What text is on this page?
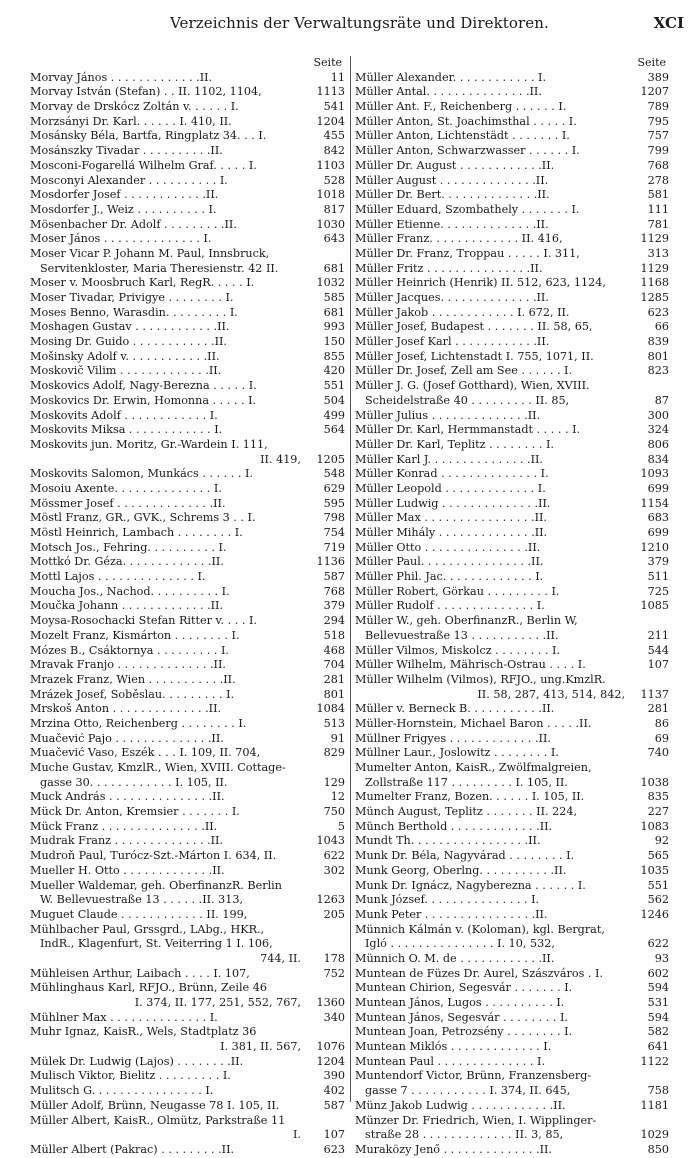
Verzeichnis der Verwaltungsräte und Direktoren.	XCI
Seite
Morvay János . . . . . . . . . . . . .II.	11
Morvay István (Stefan) . . II. 1102, 1104,	1113
Morvay de Drskócz Zoltán v. . . . . . I.	541
Morzsányi Dr. Karl. . . . . . I. 410, II.	1204
Mosánsky Béla, Bartfa, Ringplatz 34. . . I.	455
Mosánszky Tivadar . . . . . . . . . .II.	842
Mosconi-Fogarellá Wilhelm Graf. . . . . I.	1103
Mosconyi Alexander . . . . . . . . . . I.	528
Mosdorfer Josef . . . . . . . . . . . .II.	1018
Mosdorfer J., Weiz . . . . . . . . . . I.	817
Mösenbacher Dr. Adolf . . . . . . . . .II.	1030
Moser János . . . . . . . . . . . . . . I.	643
Moser Vicar P. Johann M. Paul, Innsbruck,
Servitenkloster, Maria Theresienstr. 42 II.	681
Moser v. Moosbruch Karl, RegR. . . . . I.	1032
Moser Tivadar, Privigye . . . . . . . . I.	585
Moses Benno, Warasdin. . . . . . . . . I.	681
Moshagen Gustav . . . . . . . . . . . .II.	993
Mosing Dr. Guido . . . . . . . . . . . .II.	150
Mošinsky Adolf v. . . . . . . . . . . .II.	855
Moskovič Vilim . . . . . . . . . . . . .II.	420
Moskovics Adolf, Nagy-Berezna . . . . . I.	551
Moskovics Dr. Erwin, Homonna . . . . . I.	504
Moskovits Adolf . . . . . . . . . . . . I.	499
Moskovits Miksa . . . . . . . . . . . . I.	564
Moskovits jun. Moritz, Gr.-Wardein I. 111,
II. 419,	1205
Moskovits Salomon, Munkács . . . . . . I.	548
Mosoiu Axente. . . . . . . . . . . . . . I.	629
Mössmer Josef . . . . . . . . . . . . . .II.	595
Möstl Franz, GR., GVK., Schrems 3 . . I.	798
Möstl Heinrich, Lambach . . . . . . . . I.	754
Motsch Jos., Fehring. . . . . . . . . . I.	719
Mottkó Dr. Géza. . . . . . . . . . . . .II.	1136
Mottl Lajos . . . . . . . . . . . . . . I.	587
Moucha Jos., Nachod. . . . . . . . . . I.	768
Moučka Johann . . . . . . . . . . . . .II.	379
Moysa-Rosochacki Stefan Ritter v. . . . I.	294
Mozelt Franz, Kismárton . . . . . . . . I.	518
Mózes B., Csáktornya . . . . . . . . . I.	468
Mravak Franjo . . . . . . . . . . . . . .II.	704
Mrazek Franz, Wien . . . . . . . . . . .II.	281
Mrázek Josef, Soběslau. . . . . . . . . I.	801
Mrskoš Anton . . . . . . . . . . . . . .II.	1084
Mrzina Otto, Reichenberg . . . . . . . . I.	513
Muačević Pajo . . . . . . . . . . . . . .II.	91
Muačević Vaso, Eszék . . . I. 109, II. 704,	829
Muche Gustav, KmzlR., Wien, XVIII. Cottage-
gasse 30. . . . . . . . . . . . I. 105, II.	129
Muck András . . . . . . . . . . . . . . .II.	12
Mück Dr. Anton, Kremsier . . . . . . . I.	750
Mück Franz . . . . . . . . . . . . . . .II.	5
Mudrak Franz . . . . . . . . . . . . . .II.	1043
Mudroň Paul, Turócz-Szt.-Márton I. 634, II.	622
Mueller H. Otto . . . . . . . . . . . . .II.	302
Mueller Waldemar, geh. OberfinanzR. Berlin
W. Bellevuestraße 13 . . . . . .II. 313,	1263
Muguet Claude . . . . . . . . . . . . II. 199,	205
Mühlbacher Paul, Grssgrd., LAbg., HKR.,
IndR., Klagenfurt, St. Veiterring 1 I. 106,
744, II.	178
Mühleisen Arthur, Laibach . . . . I. 107,	752
Mühlinghaus Karl, RFJO., Brünn, Zeile 46
I. 374, II. 177, 251, 552, 767,	1360
Mühlner Max . . . . . . . . . . . . . . I.	340
Muhr Ignaz, KaisR., Wels, Stadtplatz 36
I. 381, II. 567,	1076
Mülek Dr. Ludwig (Lajos) . . . . . . . .II.	1204
Mulisch Viktor, Bielitz . . . . . . . . . I.	390
Mulitsch G. . . . . . . . . . . . . . . . I.	402
Müller Adolf, Brünn, Neugasse 78 I. 105, II.	587
Müller Albert, KaisR., Olmütz, Parkstraße 11
I.	107
Müller Albert (Pakrac) . . . . . . . . .II.	623
Seite
Müller Alexander. . . . . . . . . . . . I.	389
Müller Antal. . . . . . . . . . . . . . .II.	1207
Müller Ant. F., Reichenberg . . . . . . I.	789
Müller Anton, St. Joachimsthal . . . . . I.	795
Müller Anton, Lichtenstädt . . . . . . . I.	757
Müller Anton, Schwarzwasser . . . . . . I.	799
Müller Dr. August . . . . . . . . . . . .II.	768
Müller August . . . . . . . . . . . . . .II.	278
Müller Dr. Bert. . . . . . . . . . . . . .II.	581
Müller Eduard, Szombathely . . . . . . . I.	111
Müller Etienne. . . . . . . . . . . . . .II.	781
Müller Franz. . . . . . . . . . . . . II. 416,	1129
Müller Dr. Franz, Troppau . . . . . I. 311,	313
Müller Fritz . . . . . . . . . . . . . . .II.	1129
Müller Heinrich (Henrik) II. 512, 623, 1124,	1168
Müller Jacques. . . . . . . . . . . . . .II.	1285
Müller Jakob . . . . . . . . . . . . I. 672, II.	623
Müller Josef, Budapest . . . . . . . II. 58, 65,	66
Müller Josef Karl . . . . . . . . . . . .II.	839
Müller Josef, Lichtenstadt I. 755, 1071, II.	801
Müller Dr. Josef, Zell am See . . . . . . I.	823
Müller J. G. (Josef Gotthard), Wien, XVIII.
Scheidelstraße 40 . . . . . . . . . II. 85,	87
Müller Julius . . . . . . . . . . . . . .II.	300
Müller Dr. Karl, Hermmanstadt . . . . . I.	324
Müller Dr. Karl, Teplitz . . . . . . . . I.	806
Müller Karl J. . . . . . . . . . . . . . .II.	834
Müller Konrad . . . . . . . . . . . . . . I.	1093
Müller Leopold . . . . . . . . . . . . . I.	699
Müller Ludwig . . . . . . . . . . . . . .II.	1154
Müller Max . . . . . . . . . . . . . . . .II.	683
Müller Mihály . . . . . . . . . . . . . .II.	699
Müller Otto . . . . . . . . . . . . . . .II.	1210
Müller Paul. . . . . . . . . . . . . . . .II.	379
Müller Phil. Jac. . . . . . . . . . . . . I.	511
Müller Robert, Görkau . . . . . . . . . I.	725
Müller Rudolf . . . . . . . . . . . . . . I.	1085
Müller W., geh. OberfinanzR., Berlin W,
Bellevuestraße 13 . . . . . . . . . . .II.	211
Müller Vilmos, Miskolcz . . . . . . . . I.	544
Müller Wilhelm, Mährisch-Ostrau . . . . I.	107
Müller Wilhelm (Vilmos), RFJO., ung.KmzlR.
II. 58, 287, 413, 514, 842,	1137
Müller v. Berneck B. . . . . . . . . . .II.	281
Müller-Hornstein, Michael Baron . . . . .II.	86
Müllner Frigyes . . . . . . . . . . . . .II.	69
Müllner Laur., Joslowitz . . . . . . . . I.	740
Mumelter Anton, KaisR., Zwölfmalgreien,
Zollstraße 117 . . . . . . . . . I. 105, II.	1038
Mumelter Franz, Bozen. . . . . . I. 105, II.	835
Münch August, Teplitz . . . . . . . II. 224,	227
Münch Berthold . . . . . . . . . . . . .II.	1083
Mundt Th. . . . . . . . . . . . . . . . .II.	92
Munk Dr. Béla, Nagyvárad . . . . . . . . I.	565
Munk Georg, Oberlng. . . . . . . . . . .II.	1035
Munk Dr. Ignácz, Nagyberezna . . . . . . I.	551
Munk József. . . . . . . . . . . . . . . I.	562
Munk Peter . . . . . . . . . . . . . . . .II.	1246
Münnich Kálmán v. (Koloman), kgl. Bergrat,
Igló . . . . . . . . . . . . . . . I. 10, 532,	622
Münnich O. M. de . . . . . . . . . . . .II.	93
Muntean de Füzes Dr. Aurel, Szászváros . I.	602
Muntean Chirion, Segesvár . . . . . . . I.	594
Muntean János, Lugos . . . . . . . . . . I.	531
Muntean János, Segesvár . . . . . . . . I.	594
Muntean Joan, Petrozsény . . . . . . . . I.	582
Muntean Miklós . . . . . . . . . . . . . I.	641
Muntean Paul . . . . . . . . . . . . . . I.	1122
Muntendorf Victor, Brünn, Franzensberg-
gasse 7 . . . . . . . . . . . I. 374, II. 645,	758
Münz Jakob Ludwig . . . . . . . . . . . .II.	1181
Münzer Dr. Friedrich, Wien, I. Wipplinger-
straße 28 . . . . . . . . . . . . . II. 3, 85,	1029
Muraközy Jenő . . . . . . . . . . . . . .II.	850
